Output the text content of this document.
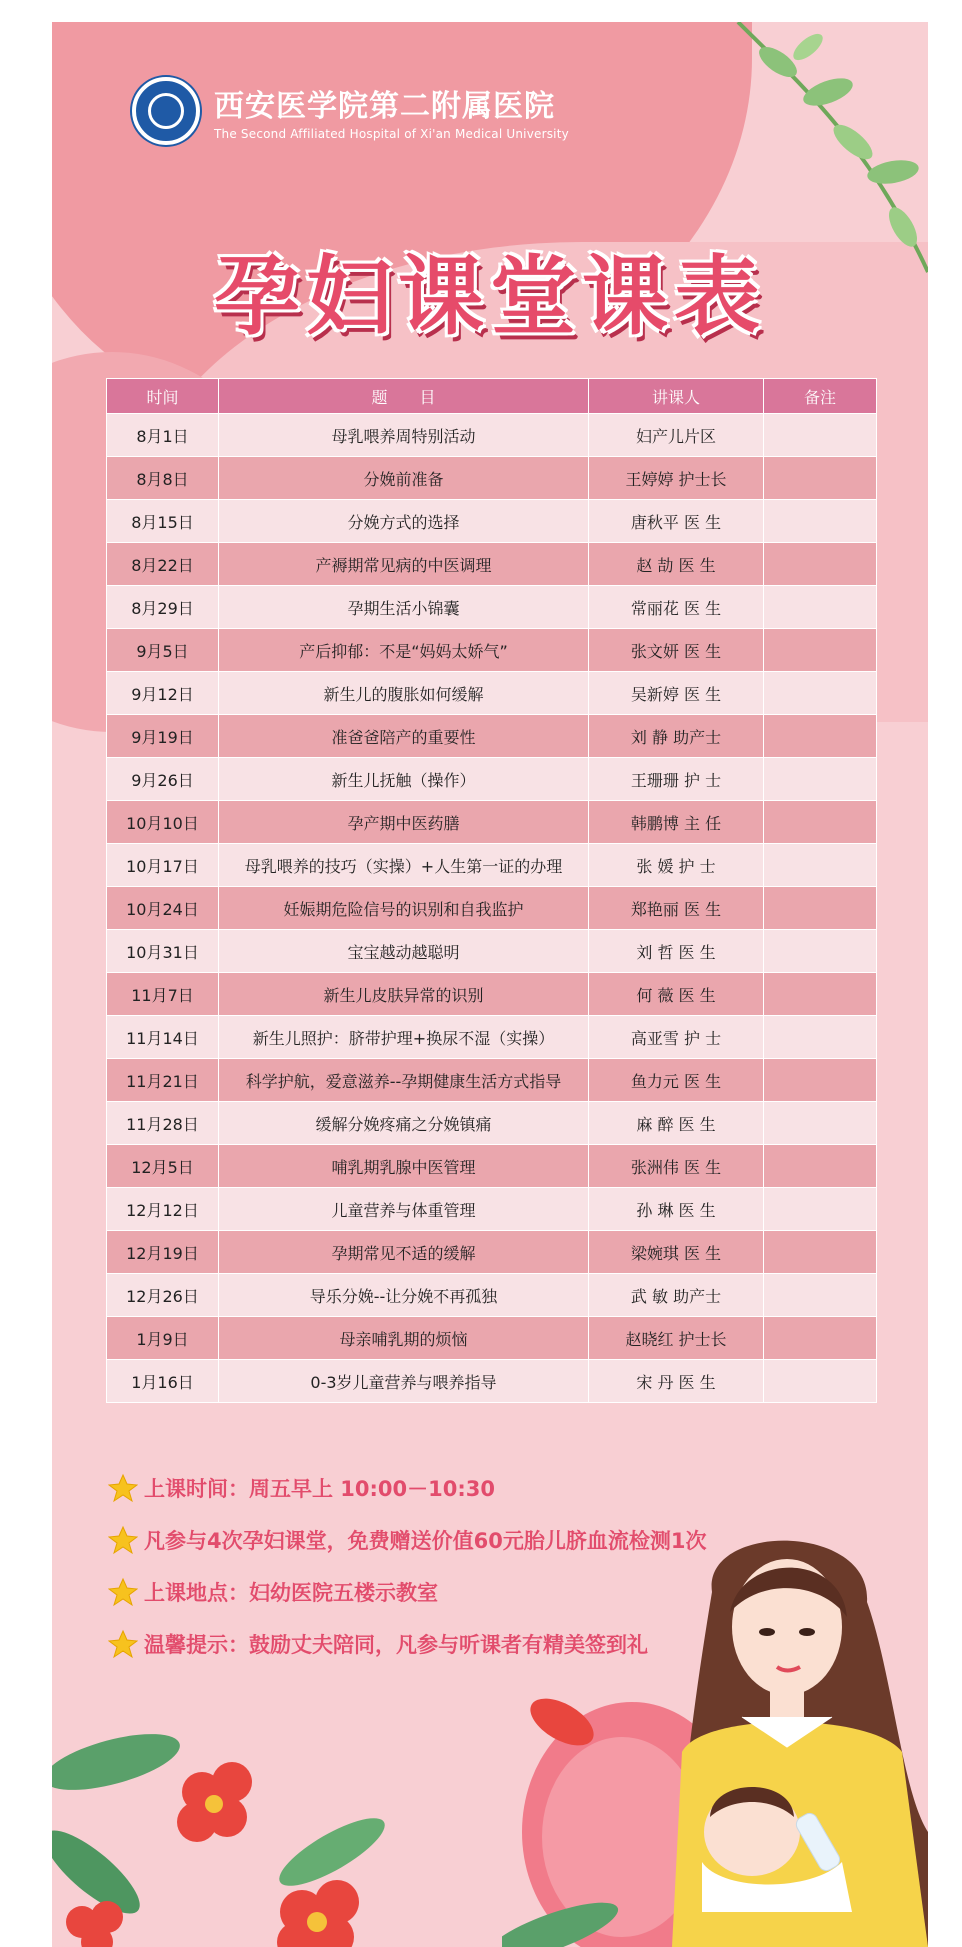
西安医学院第二附属医院
The Second Affiliated Hospital of Xi'an Medical University
孕妇课堂课表
时间	题　　目	讲课人	备注
8月1日	母乳喂养周特别活动	妇产儿片区	
8月8日	分娩前准备	王婷婷 护士长	
8月15日	分娩方式的选择	唐秋平 医 生	
8月22日	产褥期常见病的中医调理	赵 劼 医 生	
8月29日	孕期生活小锦囊	常丽花 医 生	
9月5日	产后抑郁：不是“妈妈太娇气”	张文妍 医 生	
9月12日	新生儿的腹胀如何缓解	吴新婷 医 生	
9月19日	准爸爸陪产的重要性	刘 静 助产士	
9月26日	新生儿抚触（操作）	王珊珊 护 士	
10月10日	孕产期中医药膳	韩鹏博 主 任	
10月17日	母乳喂养的技巧（实操）+人生第一证的办理	张 媛 护 士	
10月24日	妊娠期危险信号的识别和自我监护	郑艳丽 医 生	
10月31日	宝宝越动越聪明	刘 哲 医 生	
11月7日	新生儿皮肤异常的识别	何 薇 医 生	
11月14日	新生儿照护：脐带护理+换尿不湿（实操）	高亚雪 护 士	
11月21日	科学护航，爱意滋养--孕期健康生活方式指导	鱼力元 医 生	
11月28日	缓解分娩疼痛之分娩镇痛	麻 醉 医 生	
12月5日	哺乳期乳腺中医管理	张洲伟 医 生	
12月12日	儿童营养与体重管理	孙 琳 医 生	
12月19日	孕期常见不适的缓解	梁婉琪 医 生	
12月26日	导乐分娩--让分娩不再孤独	武 敏 助产士	
1月9日	母亲哺乳期的烦恼	赵晓红 护士长	
1月16日	0-3岁儿童营养与喂养指导	宋 丹 医 生	
上课时间：周五早上 10:00－10:30
凡参与4次孕妇课堂，免费赠送价值60元胎儿脐血流检测1次
上课地点：妇幼医院五楼示教室
温馨提示：鼓励丈夫陪同，凡参与听课者有精美签到礼
